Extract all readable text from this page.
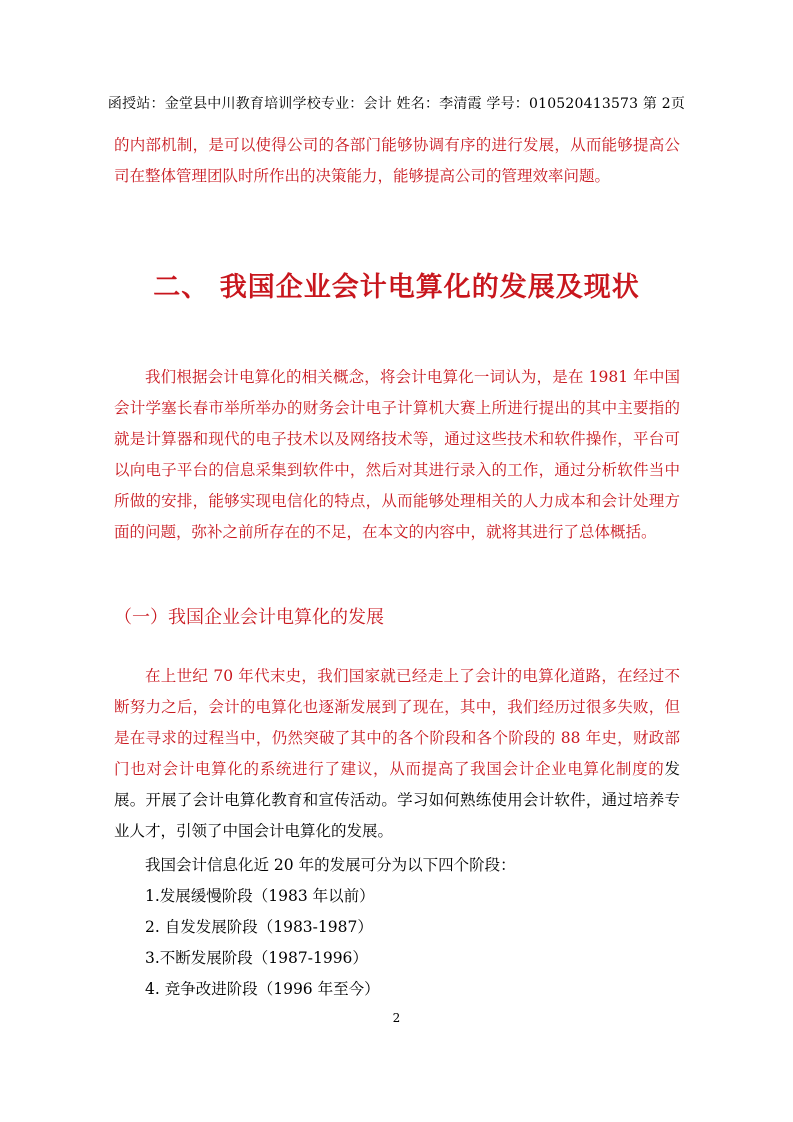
函授站：金堂县中川教育培训学校专业：会计 姓名：李清霞 学号：010520413573 第 2页

的内部机制，是可以使得公司的各部门能够协调有序的进行发展，从而能够提高公司在整体管理团队时所作出的决策能力，能够提高公司的管理效率问题。

二、 我国企业会计电算化的发展及现状

我们根据会计电算化的相关概念，将会计电算化一词认为，是在 1981 年中国会计学塞长春市举所举办的财务会计电子计算机大赛上所进行提出的其中主要指的就是计算器和现代的电子技术以及网络技术等，通过这些技术和软件操作，平台可以向电子平台的信息采集到软件中，然后对其进行录入的工作，通过分析软件当中所做的安排，能够实现电信化的特点，从而能够处理相关的人力成本和会计处理方面的问题，弥补之前所存在的不足，在本文的内容中，就将其进行了总体概括。

（一）我国企业会计电算化的发展

在上世纪 70 年代末史，我们国家就已经走上了会计的电算化道路，在经过不断努力之后，会计的电算化也逐渐发展到了现在，其中，我们经历过很多失败，但是在寻求的过程当中，仍然突破了其中的各个阶段和各个阶段的 88 年史，财政部门也对会计电算化的系统进行了建议，从而提高了我国会计企业电算化制度的发展。开展了会计电算化教育和宣传活动。学习如何熟练使用会计软件，通过培养专业人才，引领了中国会计电算化的发展。

我国会计信息化近 20 年的发展可分为以下四个阶段：
1.发展缓慢阶段（1983 年以前）
2. 自发发展阶段（1983-1987）
3.不断发展阶段（1987-1996）
4. 竞争改进阶段（1996 年至今）
2
